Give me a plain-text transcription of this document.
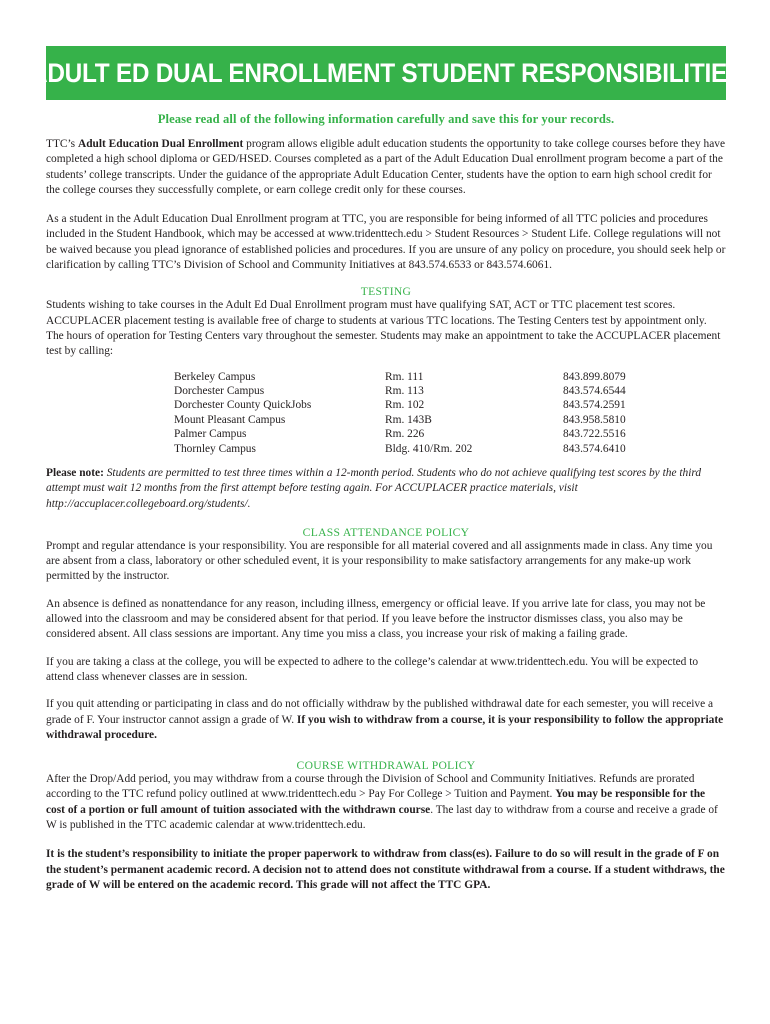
ADULT ED DUAL ENROLLMENT STUDENT RESPONSIBILITIES
Please read all of the following information carefully and save this for your records.

TTC’s Adult Education Dual Enrollment program allows eligible adult education students the opportunity to take college courses before they have completed a high school diploma or GED/HSED. Courses completed as a part of the Adult Education Dual enrollment program become a part of the students’ college transcripts. Under the guidance of the appropriate Adult Education Center, students have the option to earn high school credit for the college courses they successfully complete, or earn college credit only for these courses.

As a student in the Adult Education Dual Enrollment program at TTC, you are responsible for being informed of all TTC policies and procedures included in the Student Handbook, which may be accessed at www.tridenttech.edu > Student Resources > Student Life. College regulations will not be waived because you plead ignorance of established policies and procedures. If you are unsure of any policy on procedure, you should seek help or clarification by calling TTC’s Division of School and Community Initiatives at 843.574.6533 or 843.574.6061.

TESTING

Students wishing to take courses in the Adult Ed Dual Enrollment program must have qualifying SAT, ACT or TTC placement test scores. ACCUPLACER placement testing is available free of charge to students at various TTC locations. The Testing Centers test by appointment only. The hours of operation for Testing Centers vary throughout the semester. Students may make an appointment to take the ACCUPLACER placement test by calling:

Berkeley Campus	Rm. 111	843.899.8079
Dorchester Campus	Rm. 113	843.574.6544
Dorchester County QuickJobs	Rm. 102	843.574.2591
Mount Pleasant Campus	Rm. 143B	843.958.5810
Palmer Campus	Rm. 226	843.722.5516
Thornley Campus	Bldg. 410/Rm. 202	843.574.6410

Please note: Students are permitted to test three times within a 12-month period. Students who do not achieve qualifying test scores by the third attempt must wait 12 months from the first attempt before testing again. For ACCUPLACER practice materials, visit http://accuplacer.collegeboard.org/students/.

CLASS ATTENDANCE POLICY

Prompt and regular attendance is your responsibility. You are responsible for all material covered and all assignments made in class. Any time you are absent from a class, laboratory or other scheduled event, it is your responsibility to make satisfactory arrangements for any make-up work permitted by the instructor.

An absence is defined as nonattendance for any reason, including illness, emergency or official leave. If you arrive late for class, you may not be allowed into the classroom and may be considered absent for that period. If you leave before the instructor dismisses class, you also may be considered absent. All class sessions are important. Any time you miss a class, you increase your risk of making a failing grade.

If you are taking a class at the college, you will be expected to adhere to the college’s calendar at www.tridenttech.edu. You will be expected to attend class whenever classes are in session.

If you quit attending or participating in class and do not officially withdraw by the published withdrawal date for each semester, you will receive a grade of F. Your instructor cannot assign a grade of W. If you wish to withdraw from a course, it is your responsibility to follow the appropriate withdrawal procedure.

COURSE WITHDRAWAL POLICY

After the Drop/Add period, you may withdraw from a course through the Division of School and Community Initiatives. Refunds are prorated according to the TTC refund policy outlined at www.tridenttech.edu > Pay For College > Tuition and Payment. You may be responsible for the cost of a portion or full amount of tuition associated with the withdrawn course. The last day to withdraw from a course and receive a grade of W is published in the TTC academic calendar at www.tridenttech.edu.

It is the student’s responsibility to initiate the proper paperwork to withdraw from class(es). Failure to do so will result in the grade of F on the student’s permanent academic record. A decision not to attend does not constitute withdrawal from a course. If a student withdraws, the grade of W will be entered on the academic record. This grade will not affect the TTC GPA.
